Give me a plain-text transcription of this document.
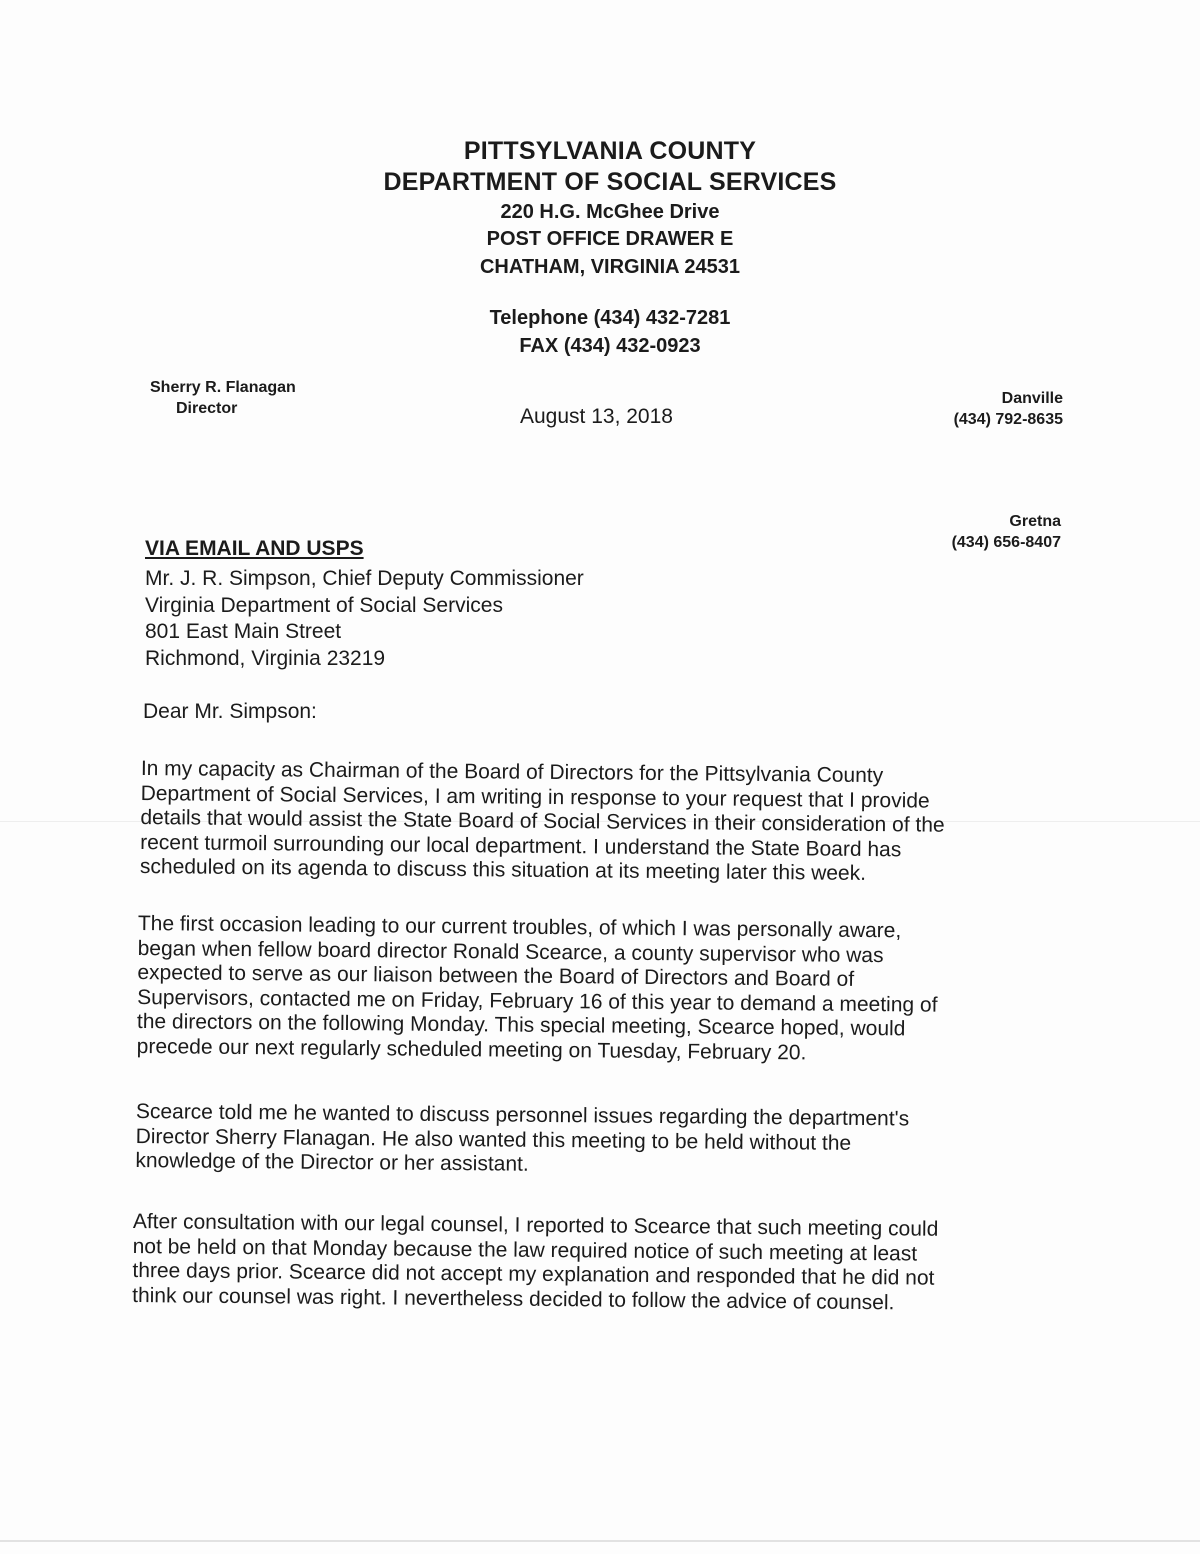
PITTSYLVANIA COUNTY
DEPARTMENT OF SOCIAL SERVICES
220 H.G. McGhee Drive
POST OFFICE DRAWER E
CHATHAM, VIRGINIA 24531
Telephone (434) 432-7281
FAX (434) 432-0923
Sherry R. Flanagan
Director	August 13, 2018
Danville
(434) 792-8635
Gretna
(434) 656-8407
VIA EMAIL AND USPS
Mr. J. R. Simpson, Chief Deputy Commissioner
Virginia Department of Social Services
801 East Main Street
Richmond, Virginia 23219
Dear Mr. Simpson:
In my capacity as Chairman of the Board of Directors for the Pittsylvania County
Department of Social Services, I am writing in response to your request that I provide
details that would assist the State Board of Social Services in their consideration of the
recent turmoil surrounding our local department. I understand the State Board has
scheduled on its agenda to discuss this situation at its meeting later this week.
The first occasion leading to our current troubles, of which I was personally aware,
began when fellow board director Ronald Scearce, a county supervisor who was
expected to serve as our liaison between the Board of Directors and Board of
Supervisors, contacted me on Friday, February 16 of this year to demand a meeting of
the directors on the following Monday. This special meeting, Scearce hoped, would
precede our next regularly scheduled meeting on Tuesday, February 20.
Scearce told me he wanted to discuss personnel issues regarding the department's
Director Sherry Flanagan. He also wanted this meeting to be held without the
knowledge of the Director or her assistant.
After consultation with our legal counsel, I reported to Scearce that such meeting could
not be held on that Monday because the law required notice of such meeting at least
three days prior. Scearce did not accept my explanation and responded that he did not
think our counsel was right. I nevertheless decided to follow the advice of counsel.
